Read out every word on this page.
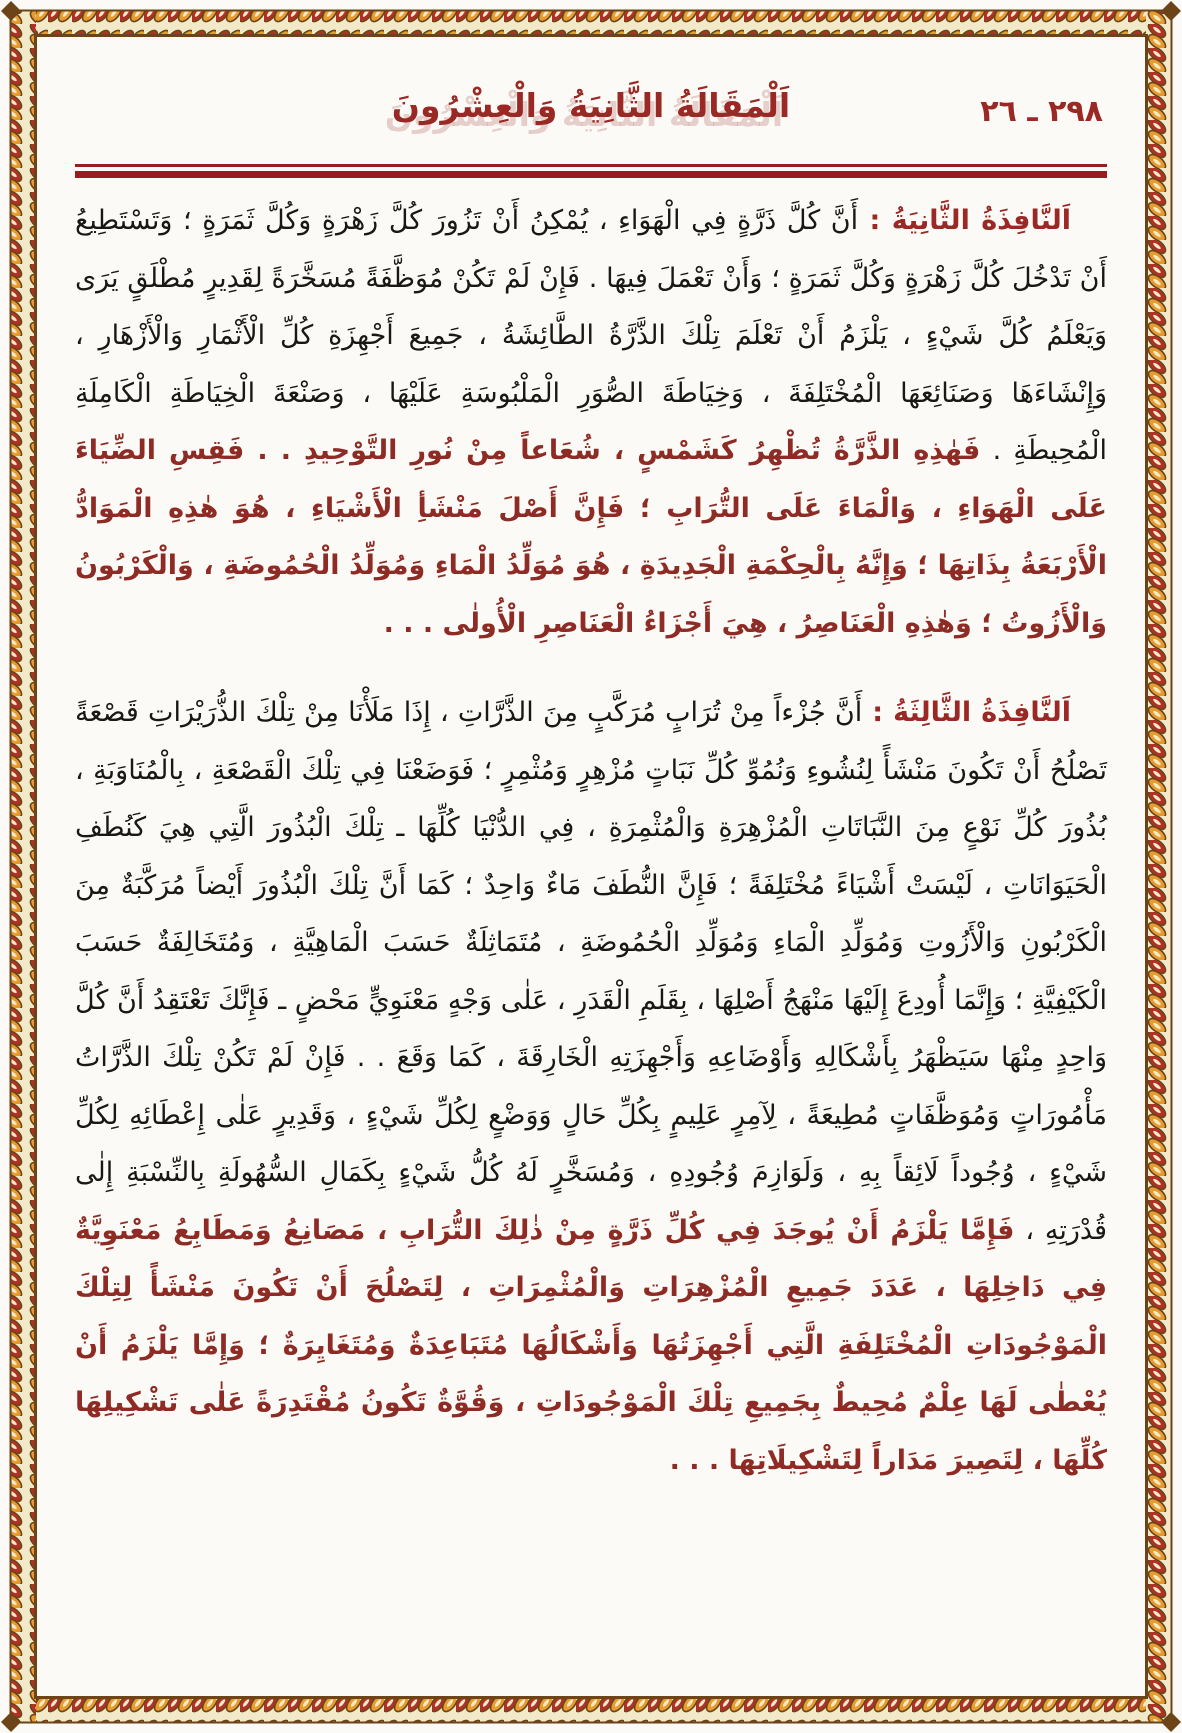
٢٩٨ ـ ٢٦
اَلْمَقَالَةُ الثَّانِيَةُ وَالْعِشْرُونَ

اَلنَّافِذَةُ الثَّانِيَةُ : أَنَّ كُلَّ ذَرَّةٍ فِي الْهَوَاءِ ، يُمْكِنُ أَنْ تَزُورَ كُلَّ زَهْرَةٍ وَكُلَّ ثَمَرَةٍ ؛ وَتَسْتَطِيعُ أَنْ تَدْخُلَ كُلَّ زَهْرَةٍ وَكُلَّ ثَمَرَةٍ ؛ وَأَنْ تَعْمَلَ فِيهَا . فَإِنْ لَمْ تَكُنْ مُوَظَّفَةً مُسَخَّرَةً لِقَدِيرٍ مُطْلَقٍ يَرَى وَيَعْلَمُ كُلَّ شَيْءٍ ، يَلْزَمُ أَنْ تَعْلَمَ تِلْكَ الذَّرَّةُ الطَّائِشَةُ ، جَمِيعَ أَجْهِزَةِ كُلِّ الْأَثْمَارِ وَالْأَزْهَارِ ، وَإِنْشَاءَهَا وَصَنَائِعَهَا الْمُخْتَلِفَةَ ، وَخِيَاطَةَ الصُّوَرِ الْمَلْبُوسَةِ عَلَيْهَا ، وَصَنْعَةَ الْخِيَاطَةِ الْكَامِلَةِ الْمُحِيطَةِ . فَهٰذِهِ الذَّرَّةُ تُظْهِرُ كَشَمْسٍ ، شُعَاعاً مِنْ نُورِ التَّوْحِيدِ . . فَقِسِ الضِّيَاءَ عَلَى الْهَوَاءِ ، وَالْمَاءَ عَلَى التُّرَابِ ؛ فَإِنَّ أَصْلَ مَنْشَأِ الْأَشْيَاءِ ، هُوَ هٰذِهِ الْمَوَادُّ الْأَرْبَعَةُ بِذَاتِهَا ؛ وَإِنَّهُ بِالْحِكْمَةِ الْجَدِيدَةِ ، هُوَ مُوَلِّدُ الْمَاءِ وَمُوَلِّدُ الْحُمُوضَةِ ، وَالْكَرْبُونُ وَالْأَزُوتُ ؛ وَهٰذِهِ الْعَنَاصِرُ ، هِيَ أَجْزَاءُ الْعَنَاصِرِ الْأُولٰى . . .

اَلنَّافِذَةُ الثَّالِثَةُ : أَنَّ جُزْءاً مِنْ تُرَابٍ مُرَكَّبٍ مِنَ الذَّرَّاتِ ، إِذَا مَلَأْنَا مِنْ تِلْكَ الذُّرَيْرَاتِ قَصْعَةً تَصْلُحُ أَنْ تَكُونَ مَنْشَأً لِنُشُوءِ وَنُمُوِّ كُلِّ نَبَاتٍ مُزْهِرٍ وَمُثْمِرٍ ؛ فَوَضَعْنَا فِي تِلْكَ الْقَصْعَةِ ، بِالْمُنَاوَبَةِ ، بُذُورَ كُلِّ نَوْعٍ مِنَ النَّبَاتَاتِ الْمُزْهِرَةِ وَالْمُثْمِرَةِ ، فِي الدُّنْيَا كُلِّهَا ـ تِلْكَ الْبُذُورَ الَّتِي هِيَ كَنُطَفِ الْحَيَوَانَاتِ ، لَيْسَتْ أَشْيَاءً مُخْتَلِفَةً ؛ فَإِنَّ النُّطَفَ مَاءٌ وَاحِدٌ ؛ كَمَا أَنَّ تِلْكَ الْبُذُورَ أَيْضاً مُرَكَّبَةٌ مِنَ الْكَرْبُونِ وَالْأَزُوتِ وَمُوَلِّدِ الْمَاءِ وَمُوَلِّدِ الْحُمُوضَةِ ، مُتَمَاثِلَةٌ حَسَبَ الْمَاهِيَّةِ ، وَمُتَخَالِفَةٌ حَسَبَ الْكَيْفِيَّةِ ؛ وَإِنَّمَا أُودِعَ إِلَيْهَا مَنْهَجُ أَصْلِهَا ، بِقَلَمِ الْقَدَرِ ، عَلٰى وَجْهٍ مَعْنَوِيٍّ مَحْضٍ ـ فَإِنَّكَ تَعْتَقِدُ أَنَّ كُلَّ وَاحِدٍ مِنْهَا سَيَظْهَرُ بِأَشْكَالِهِ وَأَوْضَاعِهِ وَأَجْهِزَتِهِ الْخَارِقَةَ ، كَمَا وَقَعَ . . فَإِنْ لَمْ تَكُنْ تِلْكَ الذَّرَّاتُ مَأْمُورَاتٍ وَمُوَظَّفَاتٍ مُطِيعَةً ، لِآمِرٍ عَلِيمٍ بِكُلِّ حَالٍ وَوَضْعٍ لِكُلِّ شَيْءٍ ، وَقَدِيرٍ عَلٰى إِعْطَائِهِ لِكُلِّ شَيْءٍ ، وُجُوداً لَائِقاً بِهِ ، وَلَوَازِمَ وُجُودِهِ ، وَمُسَخَّرٍ لَهُ كُلُّ شَيْءٍ بِكَمَالِ السُّهُولَةِ بِالنِّسْبَةِ إِلٰى قُدْرَتِهِ ، فَإِمَّا يَلْزَمُ أَنْ يُوجَدَ فِي كُلِّ ذَرَّةٍ مِنْ ذٰلِكَ التُّرَابِ ، مَصَانِعُ وَمَطَابِعُ مَعْنَوِيَّةٌ فِي دَاخِلِهَا ، عَدَدَ جَمِيعِ الْمُزْهِرَاتِ وَالْمُثْمِرَاتِ ، لِتَصْلُحَ أَنْ تَكُونَ مَنْشَأً لِتِلْكَ الْمَوْجُودَاتِ الْمُخْتَلِفَةِ الَّتِي أَجْهِزَتُهَا وَأَشْكَالُهَا مُتَبَاعِدَةٌ وَمُتَغَايِرَةٌ ؛ وَإِمَّا يَلْزَمُ أَنْ يُعْطٰى لَهَا عِلْمٌ مُحِيطٌ بِجَمِيعِ تِلْكَ الْمَوْجُودَاتِ ، وَقُوَّةٌ تَكُونُ مُقْتَدِرَةً عَلٰى تَشْكِيلِهَا كُلِّهَا ، لِتَصِيرَ مَدَاراً لِتَشْكِيلَاتِهَا . . .
